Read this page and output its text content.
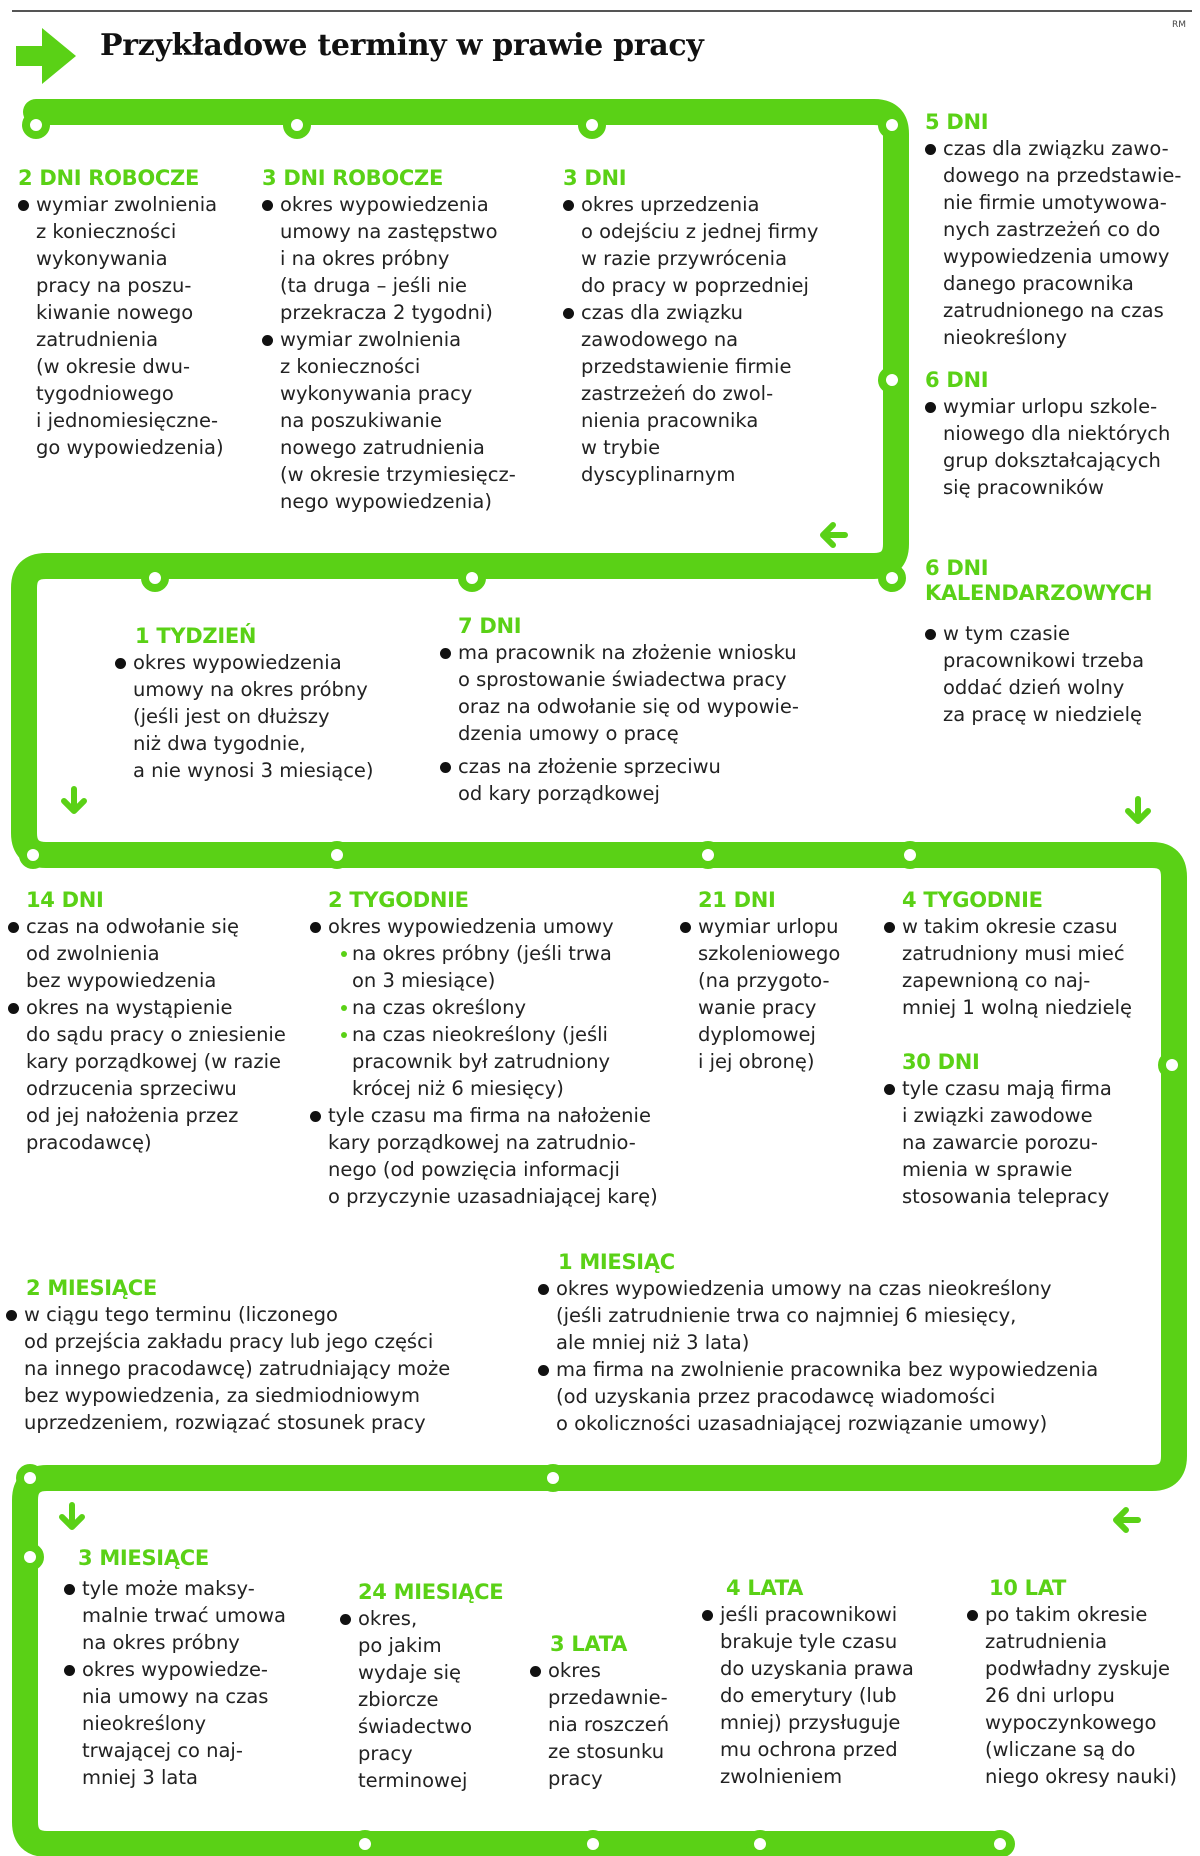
Przykładowe terminy w prawie pracy
RM
2 DNI ROBOCZE
wymiar zwolnienia
z konieczności
wykonywania
pracy na poszu-
kiwanie nowego
zatrudnienia
(w okresie dwu-
tygodniowego
i jednomiesięczne-
go wypowiedzenia)
3 DNI ROBOCZE
okres wypowiedzenia
umowy na zastępstwo
i na okres próbny
(ta druga – jeśli nie
przekracza 2 tygodni)
wymiar zwolnienia
z konieczności
wykonywania pracy
na poszukiwanie
nowego zatrudnienia
(w okresie trzymiesięcz-
nego wypowiedzenia)
3 DNI
okres uprzedzenia
o odejściu z jednej firmy
w razie przywrócenia
do pracy w poprzedniej
czas dla związku
zawodowego na
przedstawienie firmie
zastrzeżeń do zwol-
nienia pracownika
w trybie
dyscyplinarnym
5 DNI
czas dla związku zawo-
dowego na przedstawie-
nie firmie umotywowa-
nych zastrzeżeń co do
wypowiedzenia umowy
danego pracownika
zatrudnionego na czas
nieokreślony
6 DNI
wymiar urlopu szkole-
niowego dla niektórych
grup dokształcających
się pracowników
6 DNI
KALENDARZOWYCH
w tym czasie
pracownikowi trzeba
oddać dzień wolny
za pracę w niedzielę
1 TYDZIEŃ
okres wypowiedzenia
umowy na okres próbny
(jeśli jest on dłuższy
niż dwa tygodnie,
a nie wynosi 3 miesiące)
7 DNI
ma pracownik na złożenie wniosku
o sprostowanie świadectwa pracy
oraz na odwołanie się od wypowie-
dzenia umowy o pracę
czas na złożenie sprzeciwu
od kary porządkowej
14 DNI
czas na odwołanie się
od zwolnienia
bez wypowiedzenia
okres na wystąpienie
do sądu pracy o zniesienie
kary porządkowej (w razie
odrzucenia sprzeciwu
od jej nałożenia przez
pracodawcę)
2 TYGODNIE
okres wypowiedzenia umowy
na okres próbny (jeśli trwa
on 3 miesiące)
na czas określony
na czas nieokreślony (jeśli
pracownik był zatrudniony
krócej niż 6 miesięcy)
tyle czasu ma firma na nałożenie
kary porządkowej na zatrudnio-
nego (od powzięcia informacji
o przyczynie uzasadniającej karę)
21 DNI
wymiar urlopu
szkoleniowego
(na przygoto-
wanie pracy
dyplomowej
i jej obronę)
4 TYGODNIE
w takim okresie czasu
zatrudniony musi mieć
zapewnioną co naj-
mniej 1 wolną niedzielę
30 DNI
tyle czasu mają firma
i związki zawodowe
na zawarcie porozu-
mienia w sprawie
stosowania telepracy
2 MIESIĄCE
w ciągu tego terminu (liczonego
od przejścia zakładu pracy lub jego części
na innego pracodawcę) zatrudniający może
bez wypowiedzenia, za siedmiodniowym
uprzedzeniem, rozwiązać stosunek pracy
1 MIESIĄC
okres wypowiedzenia umowy na czas nieokreślony
(jeśli zatrudnienie trwa co najmniej 6 miesięcy,
ale mniej niż 3 lata)
ma firma na zwolnienie pracownika bez wypowiedzenia
(od uzyskania przez pracodawcę wiadomości
o okoliczności uzasadniającej rozwiązanie umowy)
3 MIESIĄCE
tyle może maksy-
malnie trwać umowa
na okres próbny
okres wypowiedze-
nia umowy na czas
nieokreślony
trwającej co naj-
mniej 3 lata
24 MIESIĄCE
okres,
po jakim
wydaje się
zbiorcze
świadectwo
pracy
terminowej
3 LATA
okres
przedawnie-
nia roszczeń
ze stosunku
pracy
4 LATA
jeśli pracownikowi
brakuje tyle czasu
do uzyskania prawa
do emerytury (lub
mniej) przysługuje
mu ochrona przed
zwolnieniem
10 LAT
po takim okresie
zatrudnienia
podwładny zyskuje
26 dni urlopu
wypoczynkowego
(wliczane są do
niego okresy nauki)
